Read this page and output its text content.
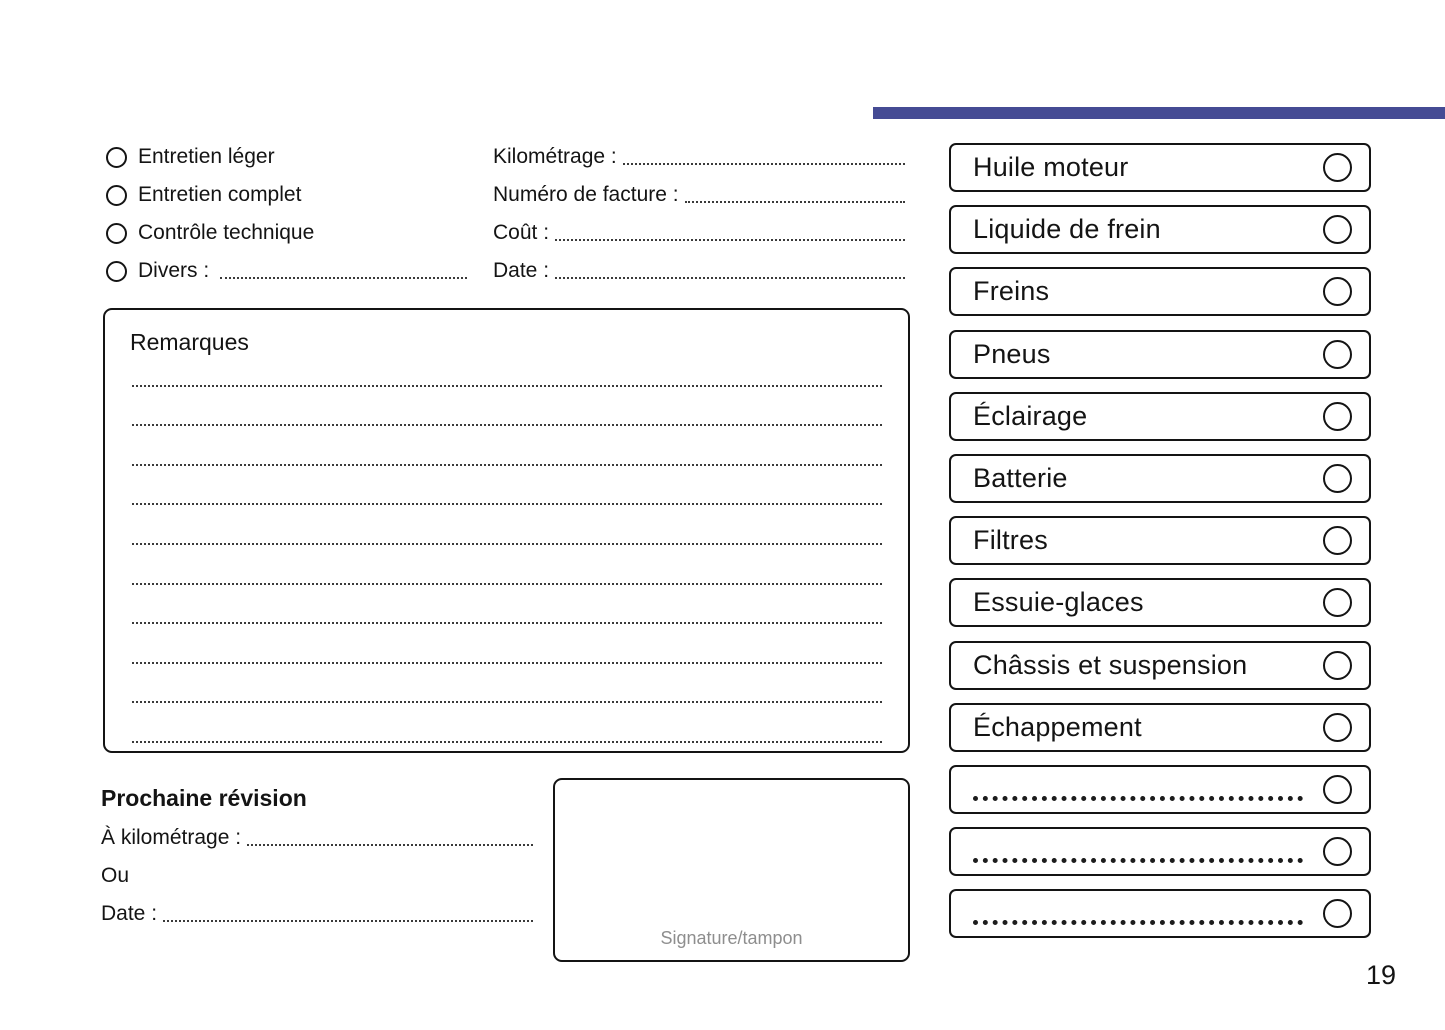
Entretien léger
Entretien complet
Contrôle technique
Divers :
Kilométrage :
Numéro de facture :
Coût :
Date :
Remarques
Prochaine révision
À kilométrage :
Ou
Date :
Signature/tampon
Huile moteur
Liquide de frein
Freins
Pneus
Éclairage
Batterie
Filtres
Essuie-glaces
Châssis et suspension
Échappement
19
